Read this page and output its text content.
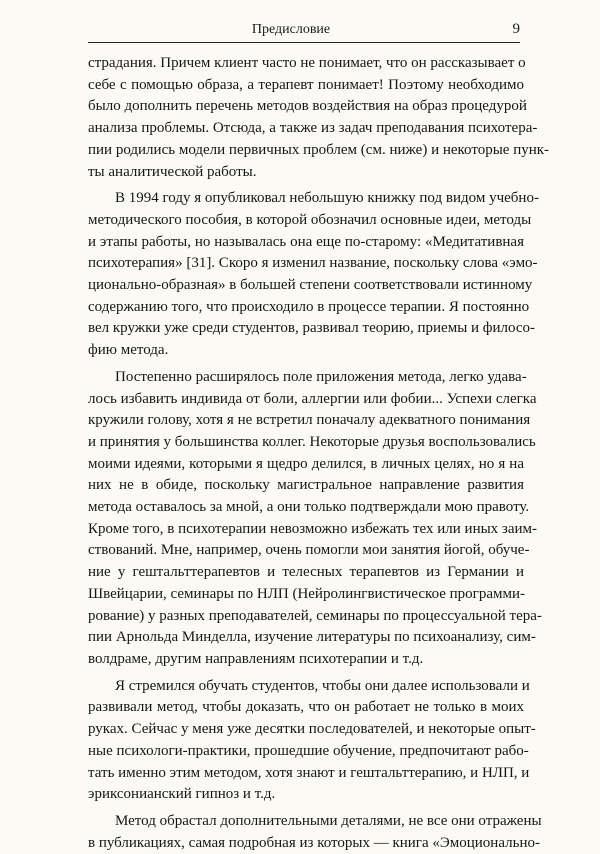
Предисловие	9
страдания. Причем клиент часто не понимает, что он рассказывает о
себе с помощью образа, а терапевт понимает! Поэтому необходимо
было дополнить перечень методов воздействия на образ процедурой
анализа проблемы. Отсюда, а также из задач преподавания психотера-
пии родились модели первичных проблем (см. ниже) и некоторые пунк-
ты аналитической работы.
В 1994 году я опубликовал небольшую книжку под видом учебно-
методического пособия, в которой обозначил основные идеи, методы
и этапы работы, но называлась она еще по-старому: «Медитативная
психотерапия» [31]. Скоро я изменил название, поскольку слова «эмо-
ционально-образная» в большей степени соответствовали истинному
содержанию того, что происходило в процессе терапии. Я постоянно
вел кружки уже среди студентов, развивал теорию, приемы и филосо-
фию метода.
Постепенно расширялось поле приложения метода, легко удава-
лось избавить индивида от боли, аллергии или фобии... Успехи слегка
кружили голову, хотя я не встретил поначалу адекватного понимания
и принятия у большинства коллег. Некоторые друзья воспользовались
моими идеями, которыми я щедро делился, в личных целях, но я на
них не в обиде, поскольку магистральное направление развития
метода оставалось за мной, а они только подтверждали мою правоту.
Кроме того, в психотерапии невозможно избежать тех или иных заим-
ствований. Мне, например, очень помогли мои занятия йогой, обуче-
ние у гештальттерапевтов и телесных терапевтов из Германии и
Швейцарии, семинары по НЛП (Нейролингвистическое программи-
рование) у разных преподавателей, семинары по процессуальной тера-
пии Арнольда Минделла, изучение литературы по психоанализу, сим-
волдраме, другим направлениям психотерапии и т.д.
Я стремился обучать студентов, чтобы они далее использовали и
развивали метод, чтобы доказать, что он работает не только в моих
руках. Сейчас у меня уже десятки последователей, и некоторые опыт-
ные психологи-практики, прошедшие обучение, предпочитают рабо-
тать именно этим методом, хотя знают и гештальттерапию, и НЛП, и
эриксонианский гипноз и т.д.
Метод обрастал дополнительными деталями, не все они отражены
в публикациях, самая подробная из которых — книга «Эмоционально-
